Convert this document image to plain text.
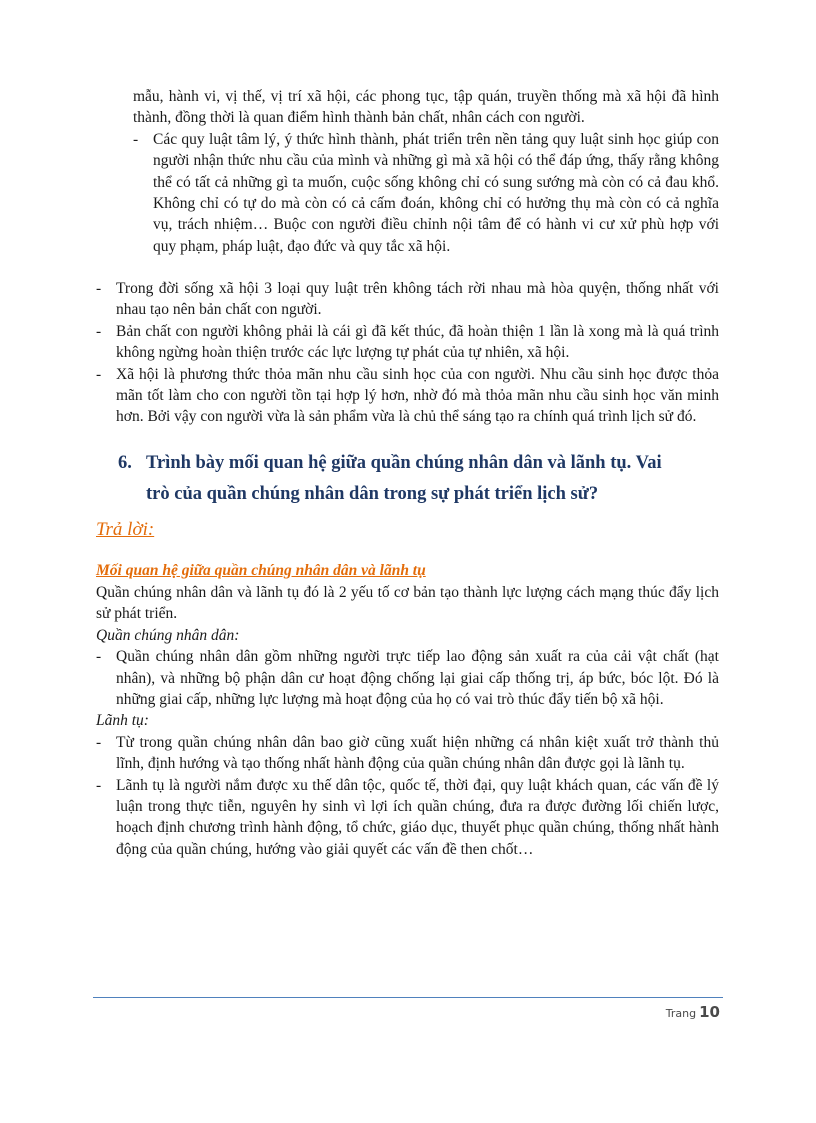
mẫu, hành vi, vị thế, vị trí xã hội, các phong tục, tập quán, truyền thống mà xã hội đã hình thành, đồng thời là quan điểm hình thành bản chất, nhân cách con người.
- Các quy luật tâm lý, ý thức hình thành, phát triển trên nền tảng quy luật sinh học giúp con người nhận thức nhu cầu của mình và những gì mà xã hội có thể đáp ứng, thấy rằng không thể có tất cả những gì ta muốn, cuộc sống không chỉ có sung sướng mà còn có cả đau khổ. Không chỉ có tự do mà còn có cả cấm đoán, không chỉ có hưởng thụ mà còn có cả nghĩa vụ, trách nhiệm… Buộc con người điều chỉnh nội tâm để có hành vi cư xử phù hợp với quy phạm, pháp luật, đạo đức và quy tắc xã hội.
- Trong đời sống xã hội 3 loại quy luật trên không tách rời nhau mà hòa quyện, thống nhất với nhau tạo nên bản chất con người.
- Bản chất con người không phải là cái gì đã kết thúc, đã hoàn thiện 1 lần là xong mà là quá trình không ngừng hoàn thiện trước các lực lượng tự phát của tự nhiên, xã hội.
- Xã hội là phương thức thỏa mãn nhu cầu sinh học của con người. Nhu cầu sinh học được thỏa mãn tốt làm cho con người tồn tại hợp lý hơn, nhờ đó mà thỏa mãn nhu cầu sinh học văn minh hơn. Bởi vậy con người vừa là sản phẩm vừa là chủ thể sáng tạo ra chính quá trình lịch sử đó.
6. Trình bày mối quan hệ giữa quần chúng nhân dân và lãnh tụ. Vai
trò của quần chúng nhân dân trong sự phát triển lịch sử?
Trả lời:
Mối quan hệ giữa quần chúng nhân dân và lãnh tụ
Quần chúng nhân dân và lãnh tụ đó là 2 yếu tố cơ bản tạo thành lực lượng cách mạng thúc đẩy lịch sử phát triển.
Quần chúng nhân dân:
- Quần chúng nhân dân gồm những người trực tiếp lao động sản xuất ra của cải vật chất (hạt nhân), và những bộ phận dân cư hoạt động chống lại giai cấp thống trị, áp bức, bóc lột. Đó là những giai cấp, những lực lượng mà hoạt động của họ có vai trò thúc đẩy tiến bộ xã hội.
Lãnh tụ:
- Từ trong quần chúng nhân dân bao giờ cũng xuất hiện những cá nhân kiệt xuất trở thành thủ lĩnh, định hướng và tạo thống nhất hành động của quần chúng nhân dân được gọi là lãnh tụ.
- Lãnh tụ là người nắm được xu thế dân tộc, quốc tế, thời đại, quy luật khách quan, các vấn đề lý luận trong thực tiễn, nguyên hy sinh vì lợi ích quần chúng, đưa ra được đường lối chiến lược, hoạch định chương trình hành động, tổ chức, giáo dục, thuyết phục quần chúng, thống nhất hành động của quần chúng, hướng vào giải quyết các vấn đề then chốt…
Trang 10
